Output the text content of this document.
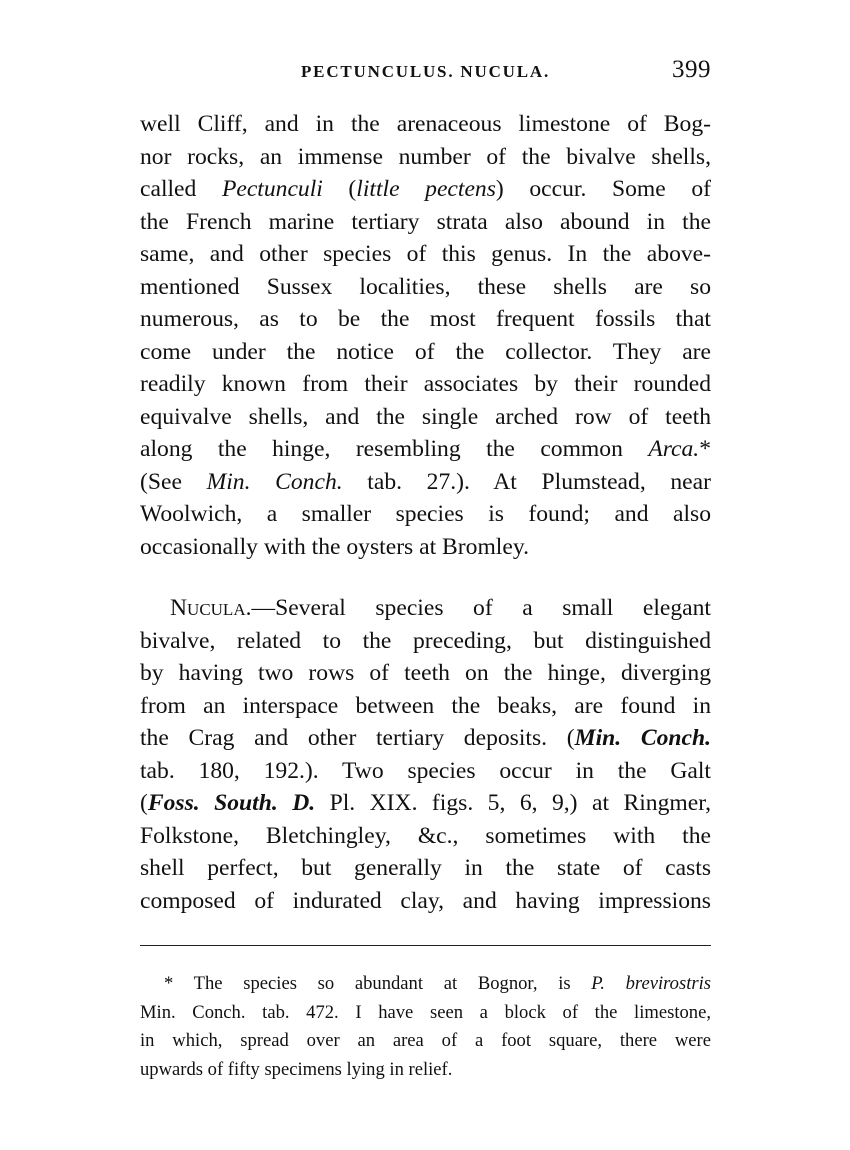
PECTUNCULUS. NUCULA.	399
well Cliff, and in the arenaceous limestone of Bog-
nor rocks, an immense number of the bivalve shells,
called Pectunculi (little pectens) occur. Some of
the French marine tertiary strata also abound in the
same, and other species of this genus. In the above-
mentioned Sussex localities, these shells are so
numerous, as to be the most frequent fossils that
come under the notice of the collector. They are
readily known from their associates by their rounded
equivalve shells, and the single arched row of teeth
along the hinge, resembling the common Arca.*
(See Min. Conch. tab. 27.). At Plumstead, near
Woolwich, a smaller species is found; and also
occasionally with the oysters at Bromley.
Nucula.—Several species of a small elegant
bivalve, related to the preceding, but distinguished
by having two rows of teeth on the hinge, diverging
from an interspace between the beaks, are found in
the Crag and other tertiary deposits. (Min. Conch.
tab. 180, 192.). Two species occur in the Galt
(Foss. South. D. Pl. XIX. figs. 5, 6, 9,) at Ringmer,
Folkstone, Bletchingley, &c., sometimes with the
shell perfect, but generally in the state of casts
composed of indurated clay, and having impressions
* The species so abundant at Bognor, is P. brevirostris
Min. Conch. tab. 472. I have seen a block of the limestone,
in which, spread over an area of a foot square, there were
upwards of fifty specimens lying in relief.
